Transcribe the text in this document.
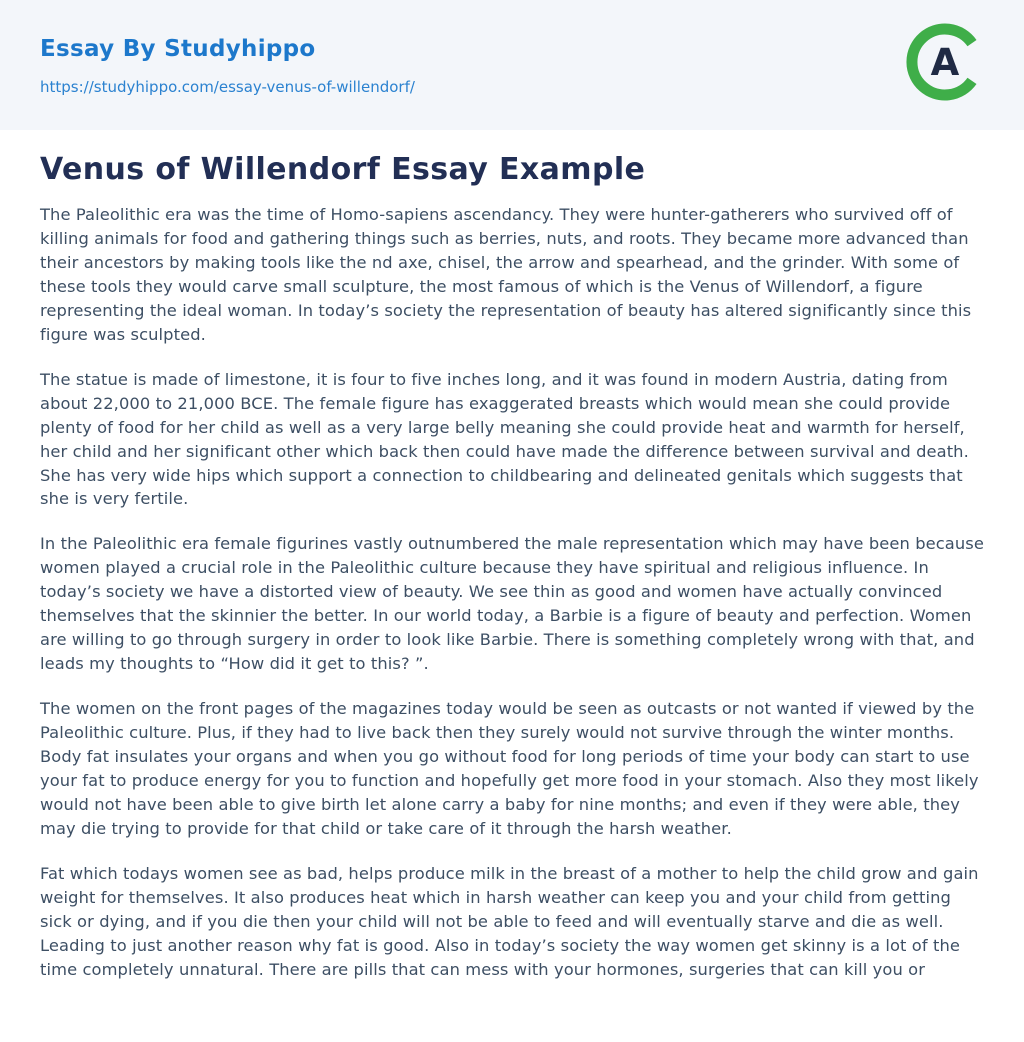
Essay By Studyhippo
https://studyhippo.com/essay-venus-of-willendorf/
A
Venus of Willendorf Essay Example

The Paleolithic era was the time of Homo-sapiens ascendancy. They were hunter-gatherers who survived off of killing animals for food and gathering things such as berries, nuts, and roots. They became more advanced than their ancestors by making tools like the nd axe, chisel, the arrow and spearhead, and the grinder. With some of these tools they would carve small sculpture, the most famous of which is the Venus of Willendorf, a figure representing the ideal woman. In today’s society the representation of beauty has altered significantly since this figure was sculpted.

The statue is made of limestone, it is four to five inches long, and it was found in modern Austria, dating from about 22,000 to 21,000 BCE. The female figure has exaggerated breasts which would mean she could provide plenty of food for her child as well as a very large belly meaning she could provide heat and warmth for herself, her child and her significant other which back then could have made the difference between survival and death. She has very wide hips which support a connection to childbearing and delineated genitals which suggests that she is very fertile.

In the Paleolithic era female figurines vastly outnumbered the male representation which may have been because women played a crucial role in the Paleolithic culture because they have spiritual and religious influence. In today’s society we have a distorted view of beauty. We see thin as good and women have actually convinced themselves that the skinnier the better. In our world today, a Barbie is a figure of beauty and perfection. Women are willing to go through surgery in order to look like Barbie. There is something completely wrong with that, and leads my thoughts to “How did it get to this? ”.

The women on the front pages of the magazines today would be seen as outcasts or not wanted if viewed by the Paleolithic culture. Plus, if they had to live back then they surely would not survive through the winter months. Body fat insulates your organs and when you go without food for long periods of time your body can start to use your fat to produce energy for you to function and hopefully get more food in your stomach. Also they most likely would not have been able to give birth let alone carry a baby for nine months; and even if they were able, they may die trying to provide for that child or take care of it through the harsh weather.

Fat which todays women see as bad, helps produce milk in the breast of a mother to help the child grow and gain weight for themselves. It also produces heat which in harsh weather can keep you and your child from getting sick or dying, and if you die then your child will not be able to feed and will eventually starve and die as well. Leading to just another reason why fat is good. Also in today’s society the way women get skinny is a lot of the time completely unnatural. There are pills that can mess with your hormones, surgeries that can kill you or
